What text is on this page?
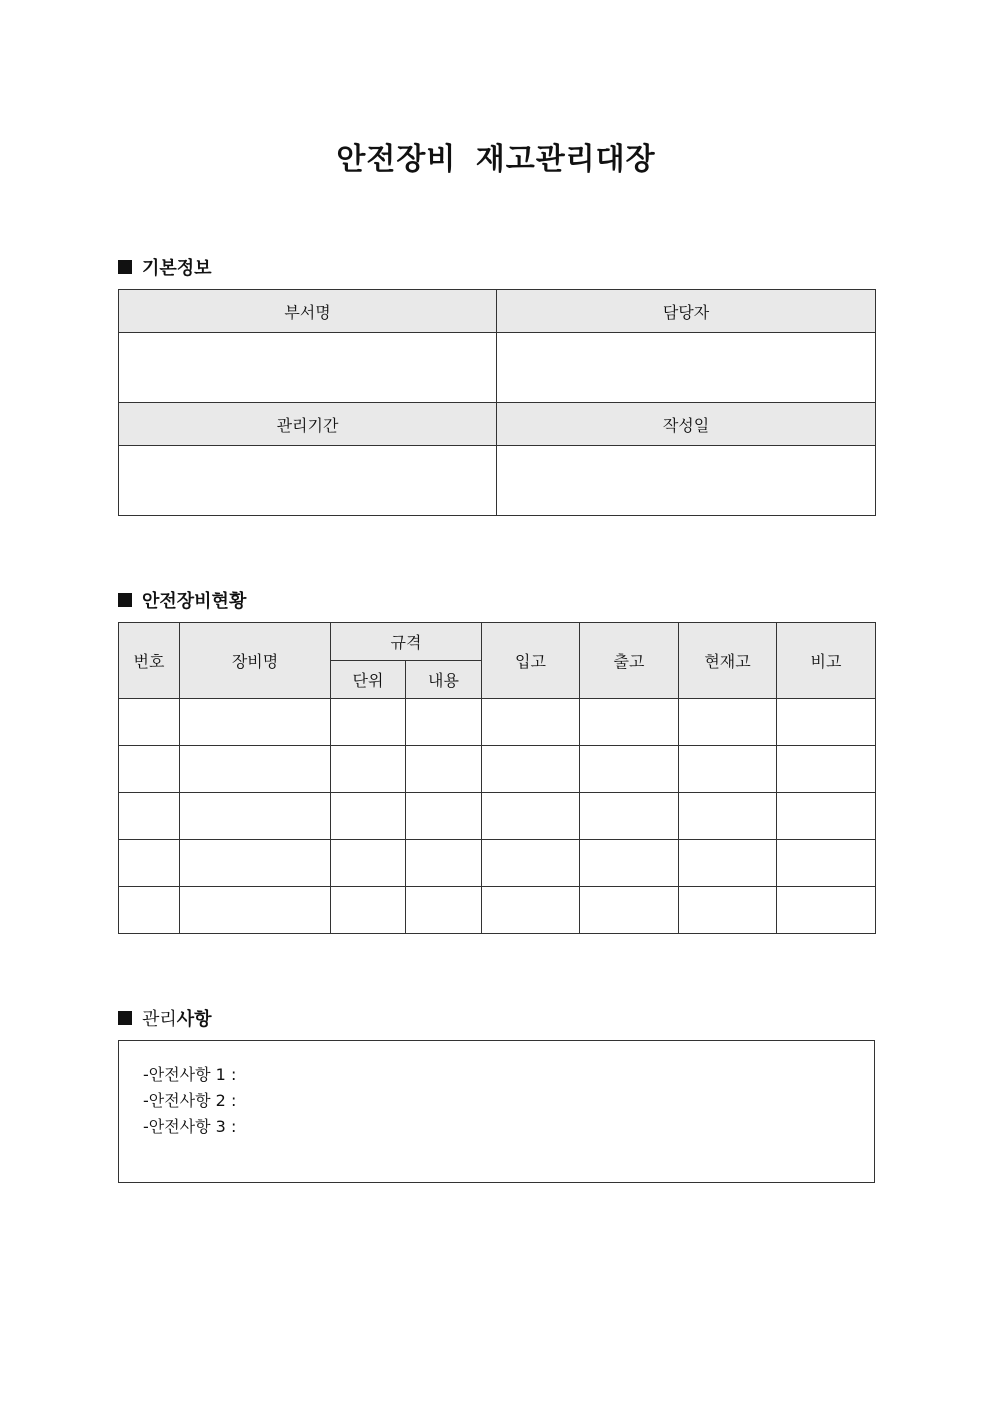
안전장비 재고관리대장
기본정보
부서명	담당자

관리기간	작성일

안전장비현황
번호	장비명	규격		입고	출고	현재고	비고
		단위	내용				

관리사항
-안전사항 1 :
-안전사항 2 :
-안전사항 3 :
